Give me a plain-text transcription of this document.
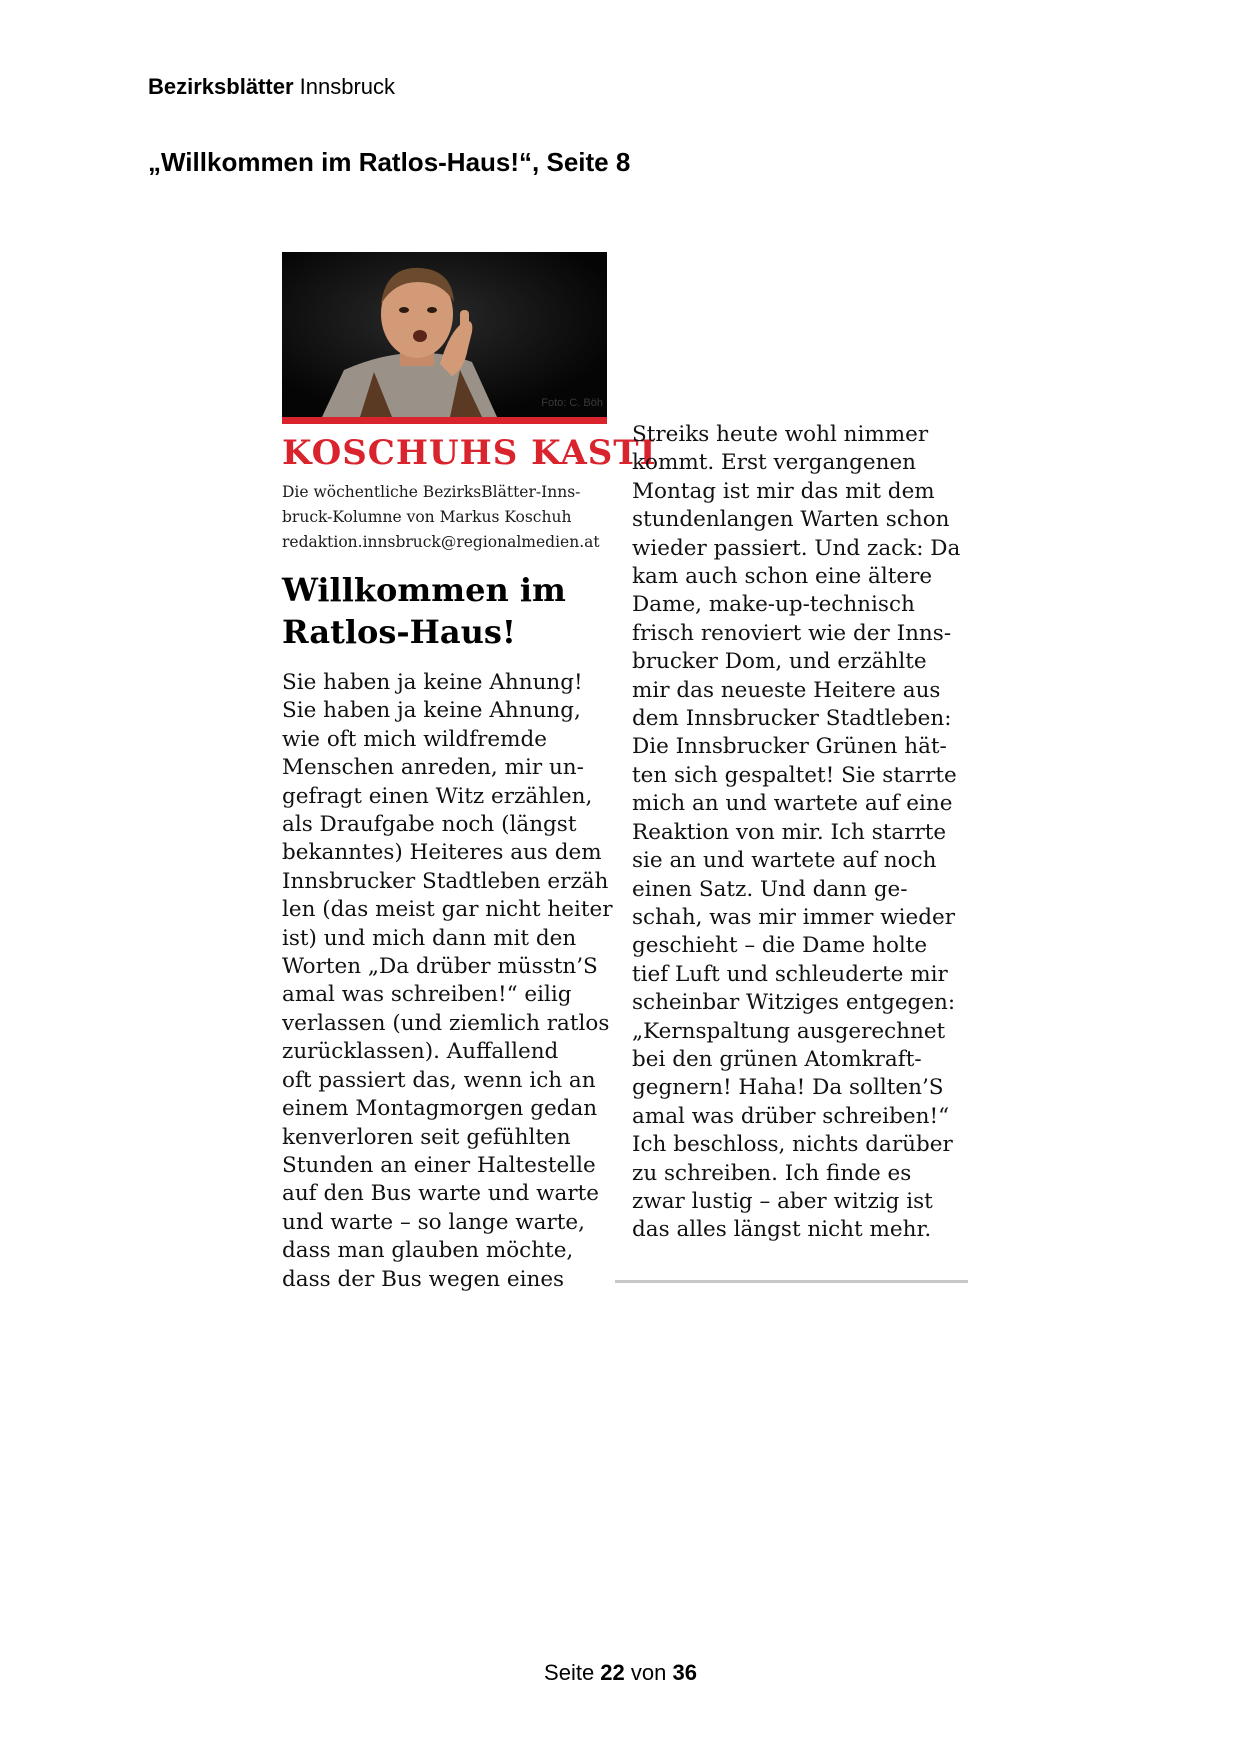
Bezirksblätter Innsbruck
„Willkommen im Ratlos-Haus!“, Seite 8
Foto: C. Böh
KOSCHUHS KASTI
Die wöchentliche BezirksBlätter-Inns-
bruck-Kolumne von Markus Koschuh
redaktion.innsbruck@regionalmedien.at
Willkommen im
Ratlos-Haus!
Sie haben ja keine Ahnung!
Sie haben ja keine Ahnung,
wie oft mich wildfremde
Menschen anreden, mir un-
gefragt einen Witz erzählen,
als Draufgabe noch (längst
bekanntes) Heiteres aus dem
Innsbrucker Stadtleben erzäh
len (das meist gar nicht heiter
ist) und mich dann mit den
Worten „Da drüber müsstn’S
amal was schreiben!“ eilig
verlassen (und ziemlich ratlos
zurücklassen). Auffallend
oft passiert das, wenn ich an
einem Montagmorgen gedan
kenverloren seit gefühlten
Stunden an einer Haltestelle
auf den Bus warte und warte
und warte – so lange warte,
dass man glauben möchte,
dass der Bus wegen eines
Streiks heute wohl nimmer
kommt. Erst vergangenen
Montag ist mir das mit dem
stundenlangen Warten schon
wieder passiert. Und zack: Da
kam auch schon eine ältere
Dame, make-up-technisch
frisch renoviert wie der Inns-
brucker Dom, und erzählte
mir das neueste Heitere aus
dem Innsbrucker Stadtleben:
Die Innsbrucker Grünen hät-
ten sich gespaltet! Sie starrte
mich an und wartete auf eine
Reaktion von mir. Ich starrte
sie an und wartete auf noch
einen Satz. Und dann ge-
schah, was mir immer wieder
geschieht – die Dame holte
tief Luft und schleuderte mir
scheinbar Witziges entgegen:
„Kernspaltung ausgerechnet
bei den grünen Atomkraft-
gegnern! Haha! Da sollten’S
amal was drüber schreiben!“
Ich beschloss, nichts darüber
zu schreiben. Ich finde es
zwar lustig – aber witzig ist
das alles längst nicht mehr.
Seite 22 von 36
